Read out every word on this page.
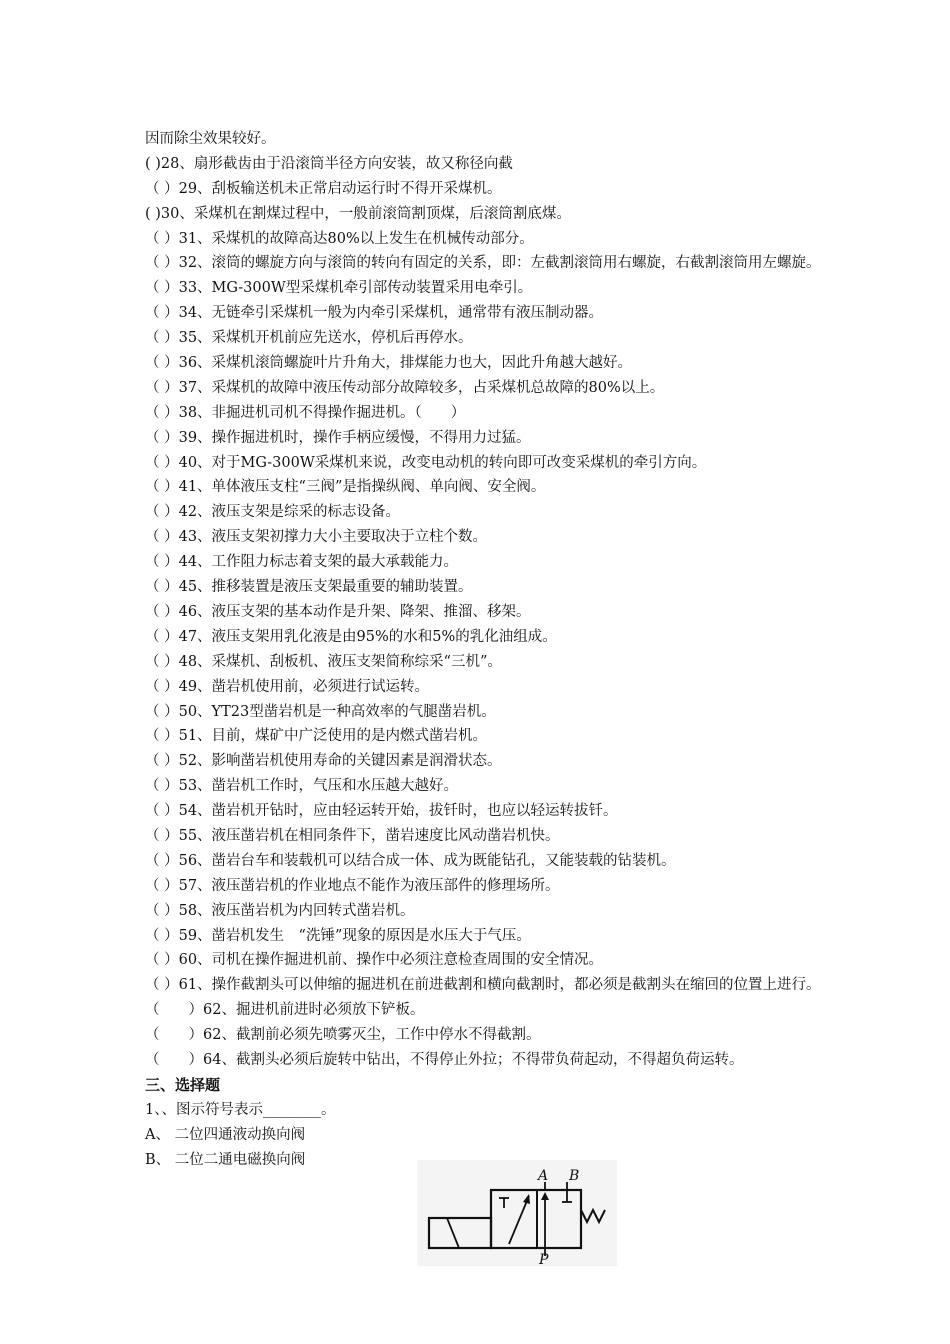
因而除尘效果较好。
( )28、扇形截齿由于沿滚筒半径方向安装，故又称径向截
（ ）29、刮板输送机未正常启动运行时不得开采煤机。
( )30、采煤机在割煤过程中，一般前滚筒割顶煤，后滚筒割底煤。
（ ）31、采煤机的故障高达80%以上发生在机械传动部分。
（ ）32、滚筒的螺旋方向与滚筒的转向有固定的关系，即：左截割滚筒用右螺旋，右截割滚筒用左螺旋。
（ ）33、MG-300W型采煤机牵引部传动装置采用电牵引。
（ ）34、无链牵引采煤机一般为内牵引采煤机，通常带有液压制动器。
（ ）35、采煤机开机前应先送水，停机后再停水。
（ ）36、采煤机滚筒螺旋叶片升角大，排煤能力也大，因此升角越大越好。
（ ）37、采煤机的故障中液压传动部分故障较多，占采煤机总故障的80%以上。
（ ）38、非掘进机司机不得操作掘进机。（　　）
（ ）39、操作掘进机时，操作手柄应缓慢，不得用力过猛。
（ ）40、对于MG-300W采煤机来说，改变电动机的转向即可改变采煤机的牵引方向。
（ ）41、单体液压支柱“三阀”是指操纵阀、单向阀、安全阀。
（ ）42、液压支架是综采的标志设备。
（ ）43、液压支架初撑力大小主要取决于立柱个数。
（ ）44、工作阻力标志着支架的最大承载能力。
（ ）45、推移装置是液压支架最重要的辅助装置。
（ ）46、液压支架的基本动作是升架、降架、推溜、移架。
（ ）47、液压支架用乳化液是由95%的水和5%的乳化油组成。
（ ）48、采煤机、刮板机、液压支架简称综采“三机”。
（ ）49、凿岩机使用前，必须进行试运转。
（ ）50、YT23型凿岩机是一种高效率的气腿凿岩机。
（ ）51、目前，煤矿中广泛使用的是内燃式凿岩机。
（ ）52、影响凿岩机使用寿命的关键因素是润滑状态。
（ ）53、凿岩机工作时，气压和水压越大越好。
（ ）54、凿岩机开钻时，应由轻运转开始，拔钎时，也应以轻运转拔钎。
（ ）55、液压凿岩机在相同条件下，凿岩速度比风动凿岩机快。
（ ）56、凿岩台车和装载机可以结合成一体、成为既能钻孔，又能装载的钻装机。
（ ）57、液压凿岩机的作业地点不能作为液压部件的修理场所。
（ ）58、液压凿岩机为内回转式凿岩机。
（ ）59、凿岩机发生　“洗锤”现象的原因是水压大于气压。
（ ）60、司机在操作掘进机前、操作中必须注意检查周围的安全情况。
（ ）61、操作截割头可以伸缩的掘进机在前进截割和横向截割时，都必须是截割头在缩回的位置上进行。
（　　）62、掘进机前进时必须放下铲板。
（　　）62、截割前必须先喷雾灭尘，工作中停水不得截割。
（　　）64、截割头必须后旋转中钻出，不得停止外拉；不得带负荷起动，不得超负荷运转。
三、选择题
1、、图示符号表示________。
A、 二位四通液动换向阀
B、 二位二通电磁换向阀
A B
P
W
